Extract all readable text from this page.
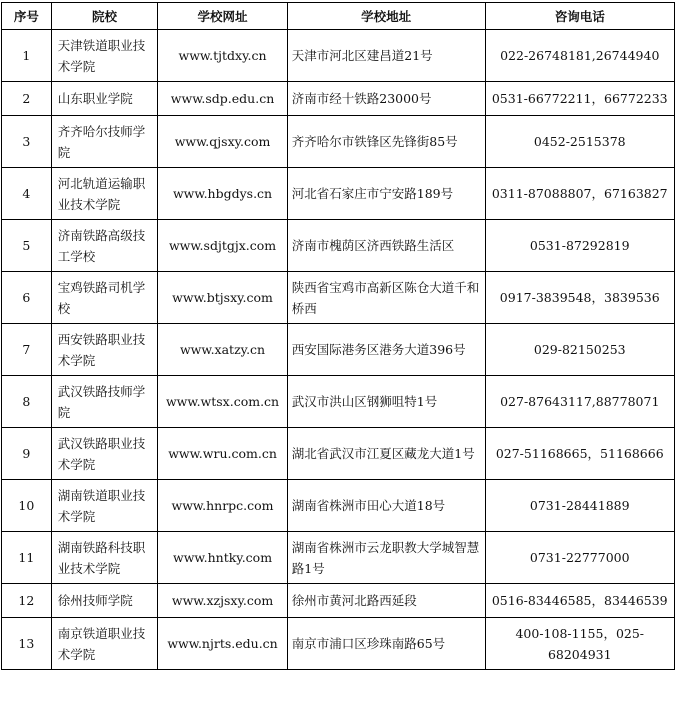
序号	院校	学校网址	学校地址	咨询电话
1	天津铁道职业技术学院	www.tjtdxy.cn	天津市河北区建昌道21号	022-26748181,26744940
2	山东职业学院	www.sdp.edu.cn	济南市经十铁路23000号	0531-66772211，66772233
3	齐齐哈尔技师学院	www.qjsxy.com	齐齐哈尔市铁锋区先锋街85号	0452-2515378
4	河北轨道运输职业技术学院	www.hbgdys.cn	河北省石家庄市宁安路189号	0311-87088807，67163827
5	济南铁路高级技工学校	www.sdjtgjx.com	济南市槐荫区济西铁路生活区	0531-87292819
6	宝鸡铁路司机学校	www.btjsxy.com	陕西省宝鸡市高新区陈仓大道千和桥西	0917-3839548，3839536
7	西安铁路职业技术学院	www.xatzy.cn	西安国际港务区港务大道396号	029-82150253
8	武汉铁路技师学院	www.wtsx.com.cn	武汉市洪山区钢狮咀特1号	027-87643117,88778071
9	武汉铁路职业技术学院	www.wru.com.cn	湖北省武汉市江夏区藏龙大道1号	027-51168665，51168666
10	湖南铁道职业技术学院	www.hnrpc.com	湖南省株洲市田心大道18号	0731-28441889
11	湖南铁路科技职业技术学院	www.hntky.com	湖南省株洲市云龙职教大学城智慧路1号	0731-22777000
12	徐州技师学院	www.xzjsxy.com	徐州市黄河北路西延段	0516-83446585，83446539
13	南京铁道职业技术学院	www.njrts.edu.cn	南京市浦口区珍珠南路65号	400-108-1155，025-68204931
